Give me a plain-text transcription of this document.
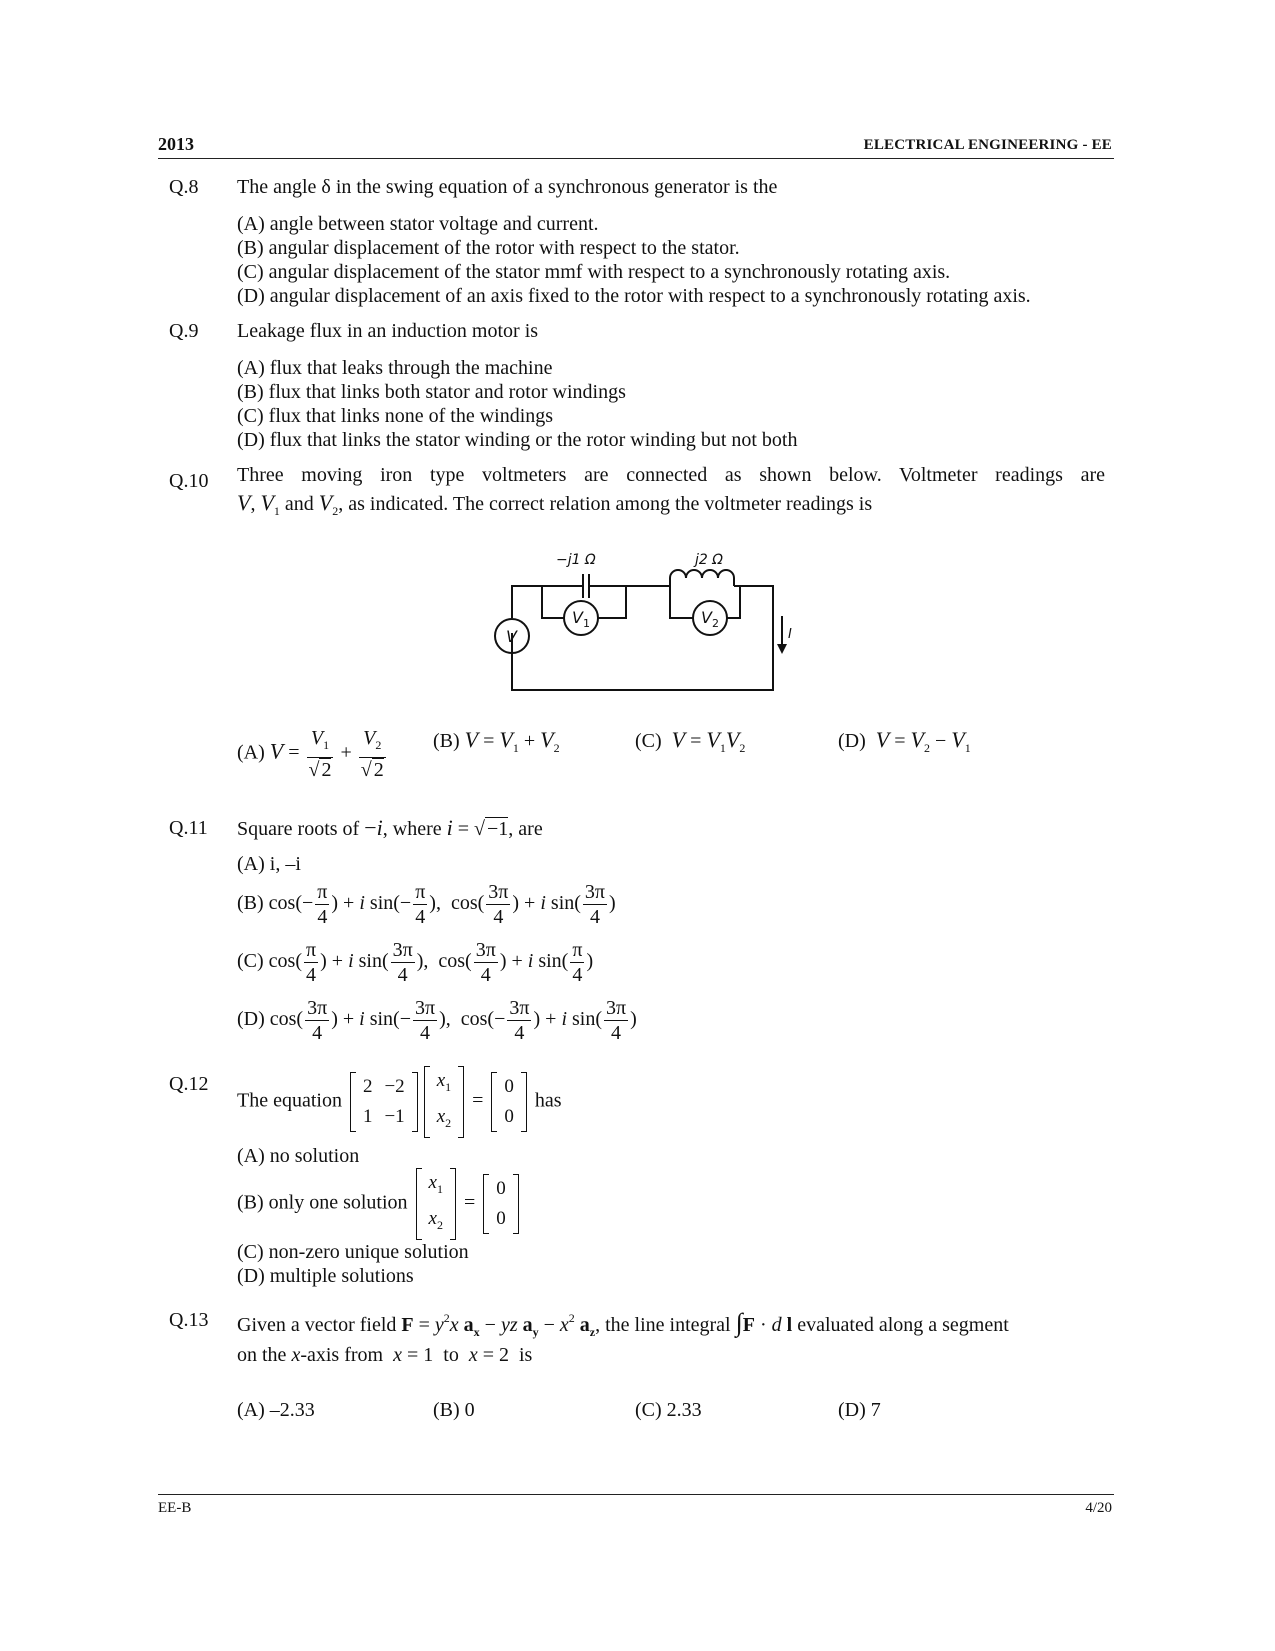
2013	ELECTRICAL ENGINEERING - EE
Q.8 The angle δ in the swing equation of a synchronous generator is the
(A) angle between stator voltage and current.
(B) angular displacement of the rotor with respect to the stator.
(C) angular displacement of the stator mmf with respect to a synchronously rotating axis.
(D) angular displacement of an axis fixed to the rotor with respect to a synchronously rotating axis.
Q.9 Leakage flux in an induction motor is
(A) flux that leaks through the machine
(B) flux that links both stator and rotor windings
(C) flux that links none of the windings
(D) flux that links the stator winding or the rotor winding but not both
Q.10 Three moving iron type voltmeters are connected as shown below. Voltmeter readings are
V, $V_1$ and $V_2$, as indicated. The correct relation among the voltmeter readings is
−j1 Ω	j2 Ω
V
V 1	V 2
I
(A) $V = \frac{V_1}{√ 2} + \frac{V_2}{√ 2} (B) V = V_1 + V_2$	(C) $V = V_1V_2$	(D) $V = V_2 - V_1$
Q.11 Square roots of −i, where i = √ −1, are
(A) i, –i
(B) $\cos(- \frac{\pi}{4}$ ) + i $\sin(- \frac{\pi}{4}$ ),  $\cos( \frac{3\pi}{4}$ ) + i $\sin( \frac{3\pi}{4}$ )
(C) $\cos( \frac{\pi}{4}$ ) + i $\sin( \frac{3\pi}{4}$ ),  $\cos( \frac{3\pi}{4}$ ) + i $\sin( \frac{\pi}{4}$ )
(D) $\cos( \frac{3\pi}{4}$ ) + i $\sin(- \frac{3\pi}{4}$ ),  $\cos(- \frac{3\pi}{4}$ ) + i $\sin( \frac{3\pi}{4}$ )
Q.12
The equation
2	−2
1	−1
$x_1$
$x_2$
=
0
0
has
(A) no solution
(B) only one solution
$x_1$
$x_2$
=
0
0
(C) non-zero unique solution
(D) multiple solutions
Q.13 Given a vector field $F = y^2x$ $a_x$ − yz $a_y - x^2$ $a_z$, the line integral ∫F · d l evaluated along a segment
on the x-axis from x = 1  to x = 2  is
(A) –2.33	(B) 0	(C) 2.33	(D) 7
EE-B	4/20
